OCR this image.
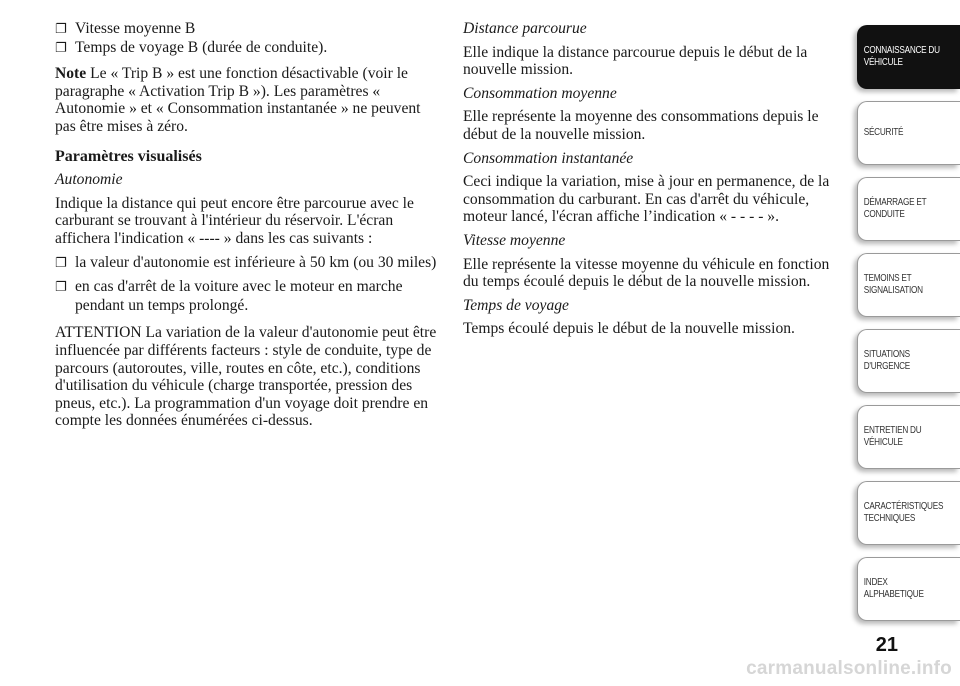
❐ Vitesse moyenne B

❐ Temps de voyage B (durée de conduite).

Note Le « Trip B » est une fonction désactivable (voir le paragraphe « Activation Trip B »). Les paramètres « Autonomie » et « Consommation instantanée » ne peuvent pas être mises à zéro.

Paramètres visualisés

Autonomie

Indique la distance qui peut encore être parcourue avec le carburant se trouvant à l'intérieur du réservoir. L'écran affichera l'indication « ---- » dans les cas suivants :

❐ la valeur d'autonomie est inférieure à 50 km (ou 30 miles)

❐ en cas d'arrêt de la voiture avec le moteur en marche pendant un temps prolongé.

ATTENTION La variation de la valeur d'autonomie peut être influencée par différents facteurs : style de conduite, type de parcours (autoroutes, ville, routes en côte, etc.), conditions d'utilisation du véhicule (charge transportée, pression des pneus, etc.). La programmation d'un voyage doit prendre en compte les données énumérées ci-dessus.

Distance parcourue

Elle indique la distance parcourue depuis le début de la nouvelle mission.

Consommation moyenne

Elle représente la moyenne des consommations depuis le début de la nouvelle mission.

Consommation instantanée

Ceci indique la variation, mise à jour en permanence, de la consommation du carburant. En cas d'arrêt du véhicule, moteur lancé, l'écran affiche l’indication « - - - - ».

Vitesse moyenne

Elle représente la vitesse moyenne du véhicule en fonction du temps écoulé depuis le début de la nouvelle mission.

Temps de voyage

Temps écoulé depuis le début de la nouvelle mission.

CONNAISSANCE DU
VÉHICULE
SÉCURITÉ
DÉMARRAGE ET
CONDUITE
TEMOINS ET
SIGNALISATION
SITUATIONS
D'URGENCE
ENTRETIEN DU
VÉHICULE
CARACTÉRISTIQUES
TECHNIQUES
INDEX
ALPHABETIQUE
21
carmanualsonline.info
